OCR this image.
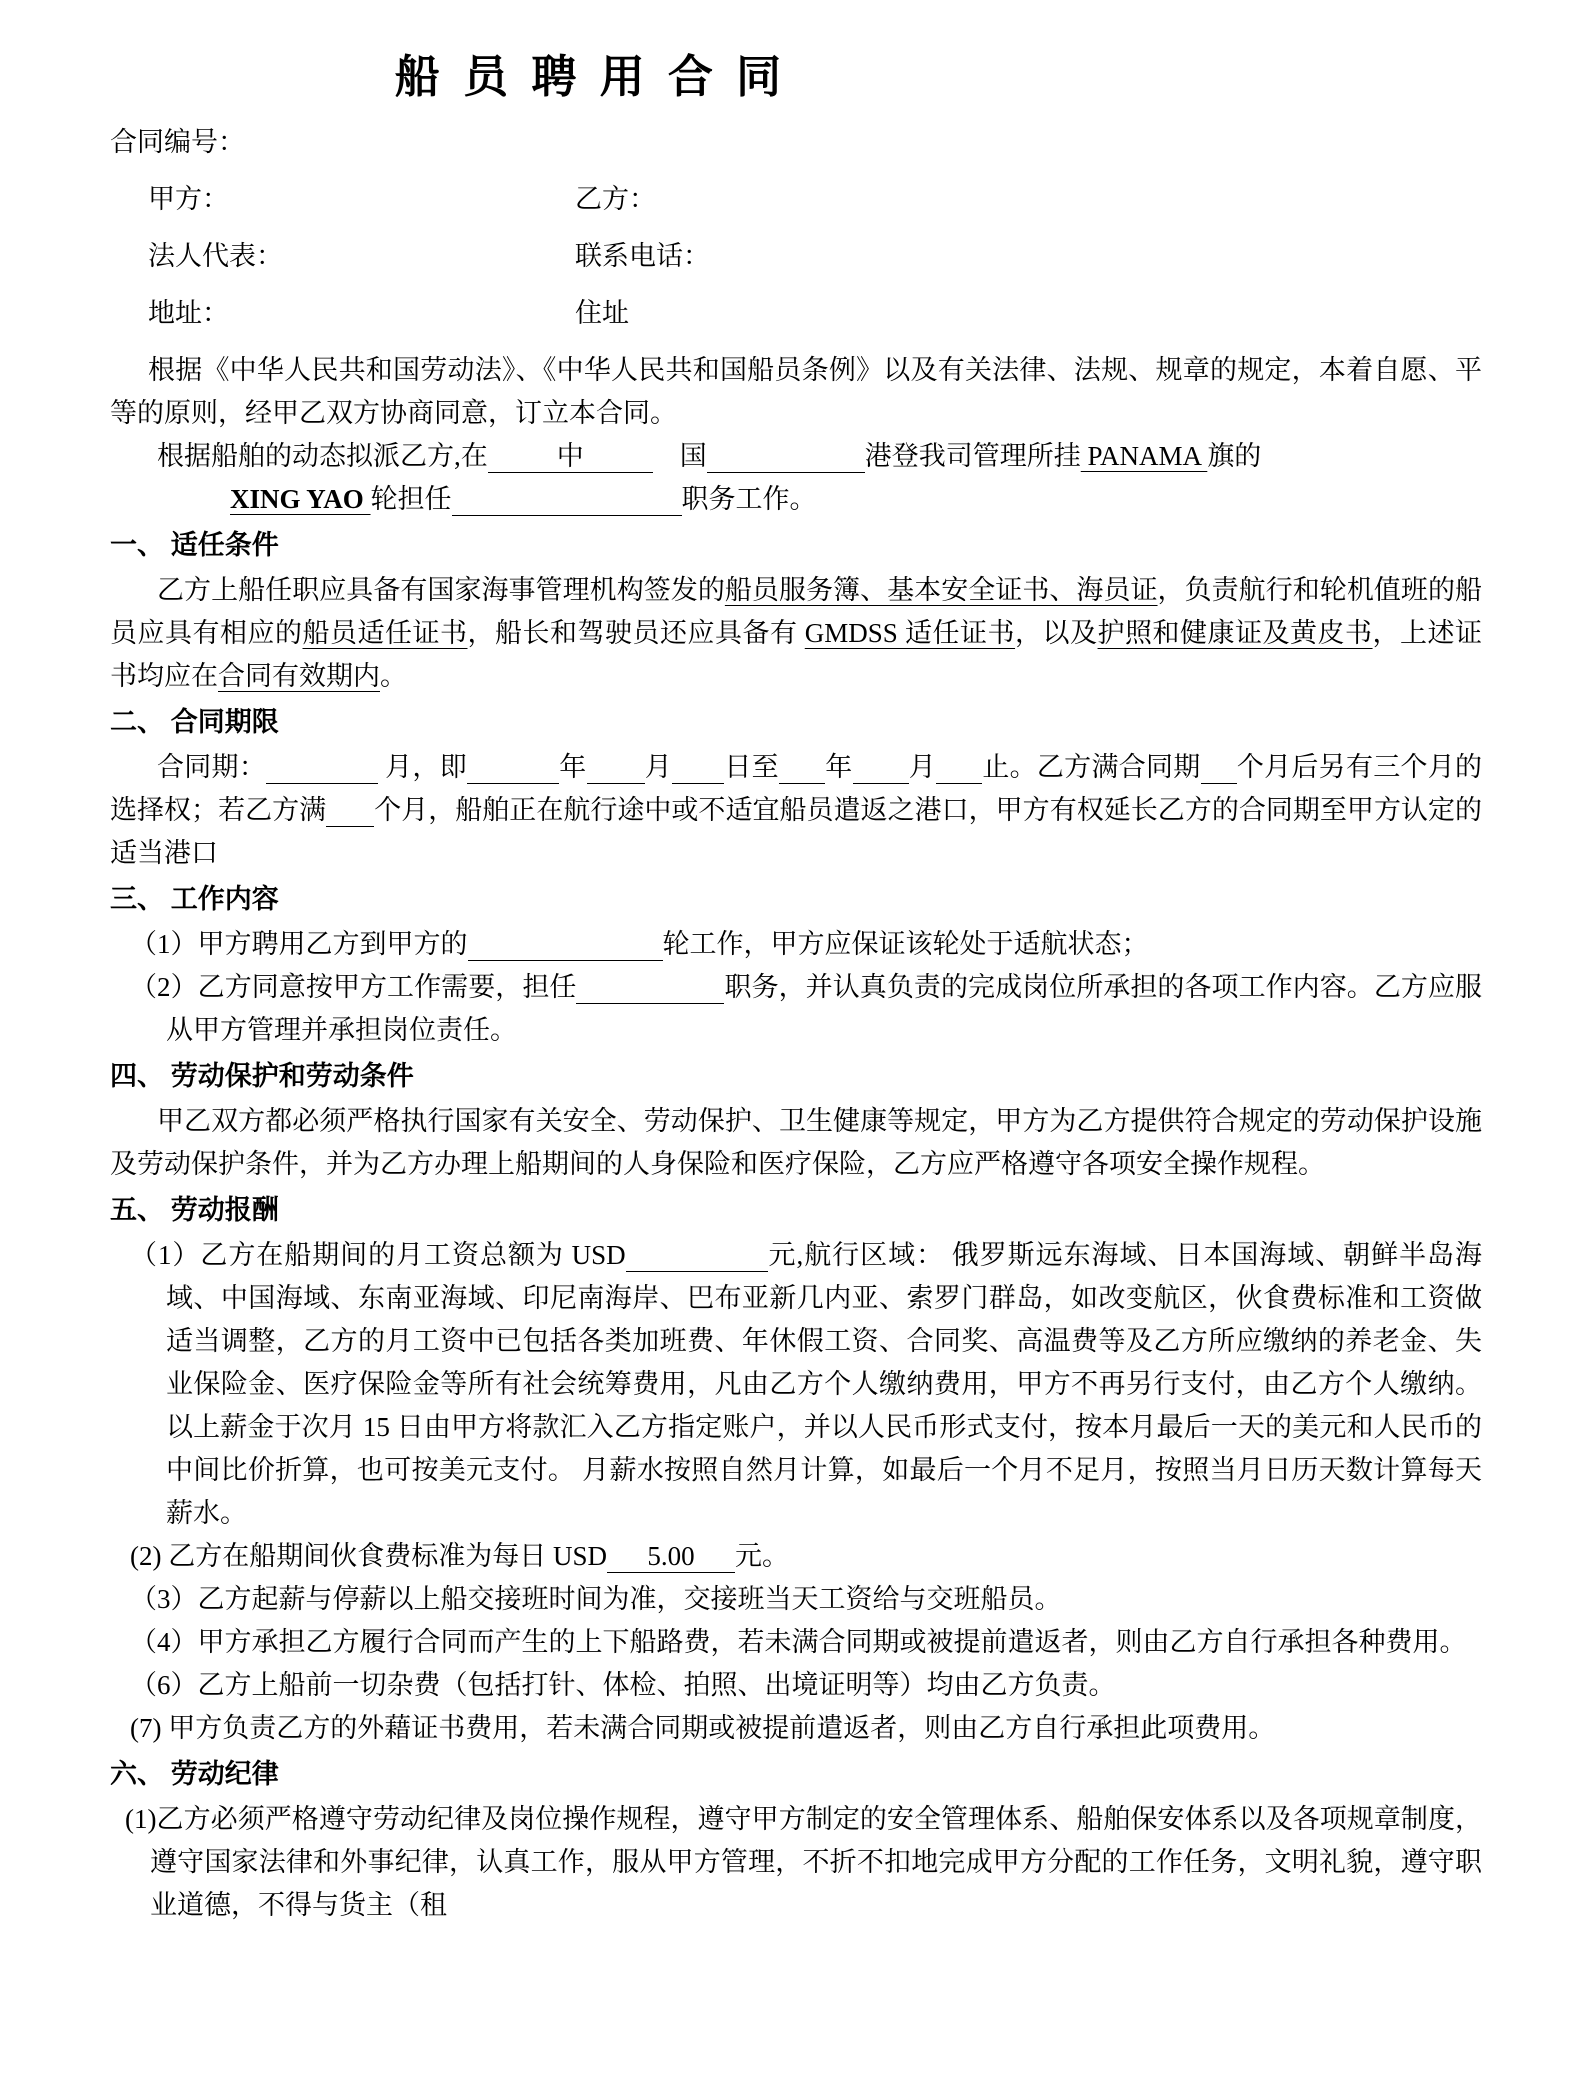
船 员 聘 用 合 同
合同编号：
甲方：	乙方：
法人代表：	联系电话：
地址：	住址
根据《中华人民共和国劳动法》、《中华人民共和国船员条例》以及有关法律、法规、规章的规定，本着自愿、平等的原则，经甲乙双方协商同意，订立本合同。
根据船舶的动态拟派乙方,在	中	　国	港登我司管理所挂 PANAMA 旗的
XING YAO 轮担任	职务工作。
一、 适任条件
乙方上船任职应具备有国家海事管理机构签发的船员服务簿、基本安全证书、海员证，负责航行和轮机值班的船员应具有相应的船员适任证书，船长和驾驶员还应具备有 GMDSS 适任证书，以及护照和健康证及黄皮书，上述证书均应在合同有效期内。
二、 合同期限
合同期：	月，即	年 月 日至 年 月 止。乙方满合同期 个月后另有三个月的选择权；若乙方满 个月，船舶正在航行途中或不适宜船员遣返之港口，甲方有权延长乙方的合同期至甲方认定的适当港口
三、 工作内容
（1）甲方聘用乙方到甲方的	轮工作，甲方应保证该轮处于适航状态；
（2）乙方同意按甲方工作需要，担任	职务，并认真负责的完成岗位所承担的各项工作内容。乙方应服从甲方管理并承担岗位责任。
四、 劳动保护和劳动条件
甲乙双方都必须严格执行国家有关安全、劳动保护、卫生健康等规定，甲方为乙方提供符合规定的劳动保护设施及劳动保护条件，并为乙方办理上船期间的人身保险和医疗保险，乙方应严格遵守各项安全操作规程。
五、 劳动报酬
（1）乙方在船期间的月工资总额为 USD	元,航行区域： 俄罗斯远东海域、日本国海域、朝鲜半岛海域、中国海域、东南亚海域、印尼南海岸、巴布亚新几内亚、索罗门群岛，如改变航区，伙食费标准和工资做适当调整，乙方的月工资中已包括各类加班费、年休假工资、合同奖、高温费等及乙方所应缴纳的养老金、失业保险金、医疗保险金等所有社会统筹费用，凡由乙方个人缴纳费用，甲方不再另行支付，由乙方个人缴纳。以上薪金于次月 15 日由甲方将款汇入乙方指定账户，并以人民币形式支付，按本月最后一天的美元和人民币的中间比价折算，也可按美元支付。 月薪水按照自然月计算，如最后一个月不足月，按照当月日历天数计算每天薪水。
(2) 乙方在船期间伙食费标准为每日 USD 5.00 元。
（3）乙方起薪与停薪以上船交接班时间为准，交接班当天工资给与交班船员。
（4）甲方承担乙方履行合同而产生的上下船路费，若未满合同期或被提前遣返者，则由乙方自行承担各种费用。
（6）乙方上船前一切杂费（包括打针、体检、拍照、出境证明等）均由乙方负责。
(7) 甲方负责乙方的外藉证书费用，若未满合同期或被提前遣返者，则由乙方自行承担此项费用。
六、 劳动纪律
(1)乙方必须严格遵守劳动纪律及岗位操作规程，遵守甲方制定的安全管理体系、船舶保安体系以及各项规章制度，遵守国家法律和外事纪律，认真工作，服从甲方管理，不折不扣地完成甲方分配的工作任务，文明礼貌，遵守职业道德，不得与货主（租
